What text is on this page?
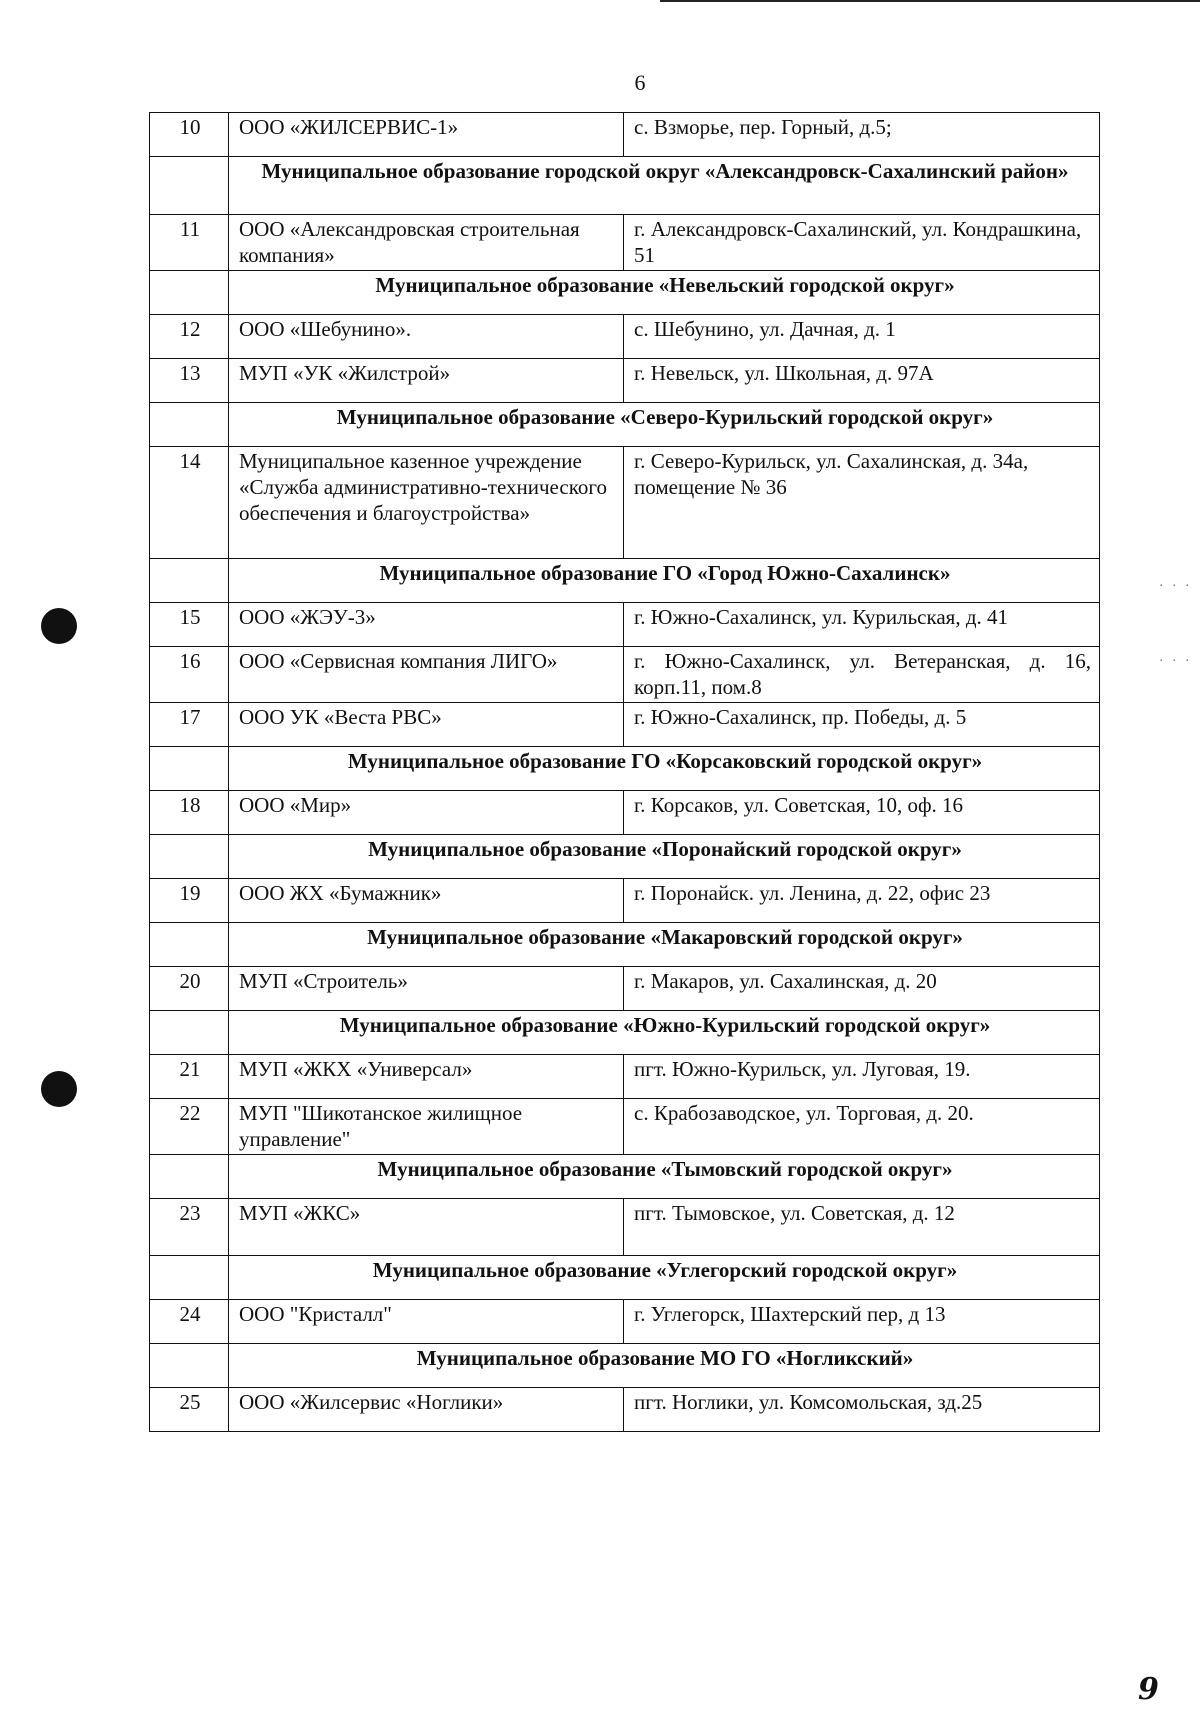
6
10	ООО «ЖИЛСЕРВИС-1»	с. Взморье, пер. Горный, д.5;
	Муниципальное образование городской округ «Александровск-Сахалинский район»	
11	ООО «Александровская строительная компания»	г. Александровск-Сахалинский, ул. Кондрашкина, 51
	Муниципальное образование «Невельский городской округ»	
12	ООО «Шебунино».	с. Шебунино, ул. Дачная, д. 1
13	МУП «УК «Жилстрой»	г. Невельск, ул. Школьная, д. 97А
	Муниципальное образование «Северо-Курильский городской округ»	
14	Муниципальное казенное учреждение «Служба административно-технического обеспечения и благоустройства»	г. Северо-Курильск, ул. Сахалинская, д. 34а, помещение № 36
	Муниципальное образование ГО «Город Южно-Сахалинск»	
15	ООО «ЖЭУ-3»	г. Южно-Сахалинск, ул. Курильская, д. 41
16	ООО «Сервисная компания ЛИГО»	г. Южно-Сахалинск, ул. Ветеранская, д. 16, корп.11, пом.8
17	ООО УК «Веста РВС»	г. Южно-Сахалинск, пр. Победы, д. 5
	Муниципальное образование ГО «Корсаковский городской округ»	
18	ООО «Мир»	г. Корсаков, ул. Советская, 10, оф. 16
	Муниципальное образование «Поронайский городской округ»	
19	ООО ЖХ «Бумажник»	г. Поронайск. ул. Ленина, д. 22, офис 23
	Муниципальное образование «Макаровский городской округ»	
20	МУП «Строитель»	г. Макаров, ул. Сахалинская, д. 20
	Муниципальное образование «Южно-Курильский городской округ»	
21	МУП «ЖКХ «Универсал»	пгт. Южно-Курильск, ул. Луговая, 19.
22	МУП "Шикотанское жилищное управление"	с. Крабозаводское, ул. Торговая, д. 20.
	Муниципальное образование «Тымовский городской округ»	
23	МУП «ЖКС»	пгт. Тымовское, ул. Советская, д. 12
	Муниципальное образование «Углегорский городской округ»	
24	ООО "Кристалл"	г. Углегорск, Шахтерский пер, д 13
	Муниципальное образование МО ГО «Ногликский»	
25	ООО «Жилсервис «Ноглики»	пгт. Ноглики, ул. Комсомольская, зд.25
. . .
. . .
9
